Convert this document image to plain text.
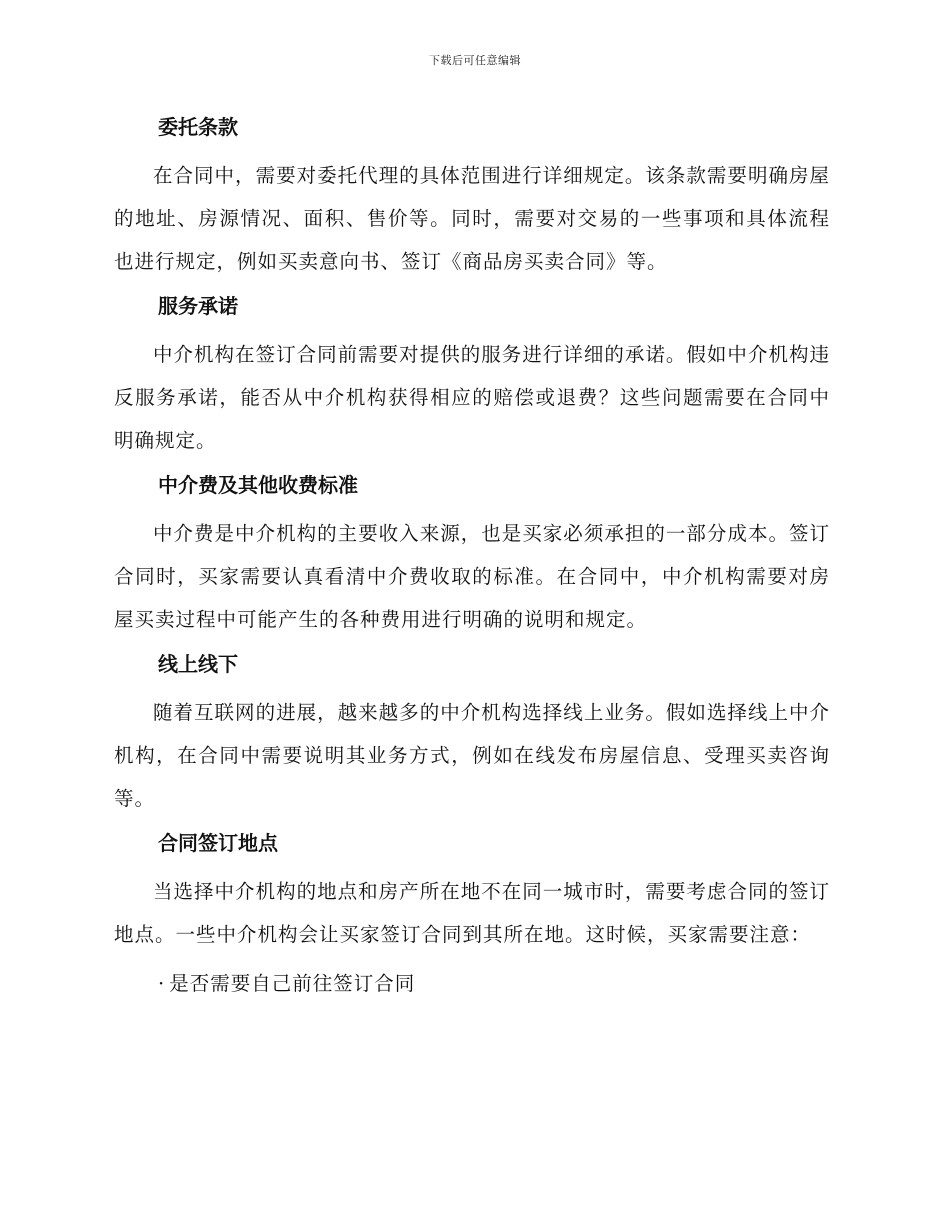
下载后可任意编辑
委托条款

在合同中，需要对委托代理的具体范围进行详细规定。该条款需要明确房屋的地址、房源情况、面积、售价等。同时，需要对交易的一些事项和具体流程也进行规定，例如买卖意向书、签订《商品房买卖合同》等。

服务承诺

中介机构在签订合同前需要对提供的服务进行详细的承诺。假如中介机构违反服务承诺，能否从中介机构获得相应的赔偿或退费？这些问题需要在合同中明确规定。

中介费及其他收费标准

中介费是中介机构的主要收入来源，也是买家必须承担的一部分成本。签订合同时，买家需要认真看清中介费收取的标准。在合同中，中介机构需要对房屋买卖过程中可能产生的各种费用进行明确的说明和规定。

线上线下

随着互联网的进展，越来越多的中介机构选择线上业务。假如选择线上中介机构，在合同中需要说明其业务方式，例如在线发布房屋信息、受理买卖咨询等。

合同签订地点

当选择中介机构的地点和房产所在地不在同一城市时，需要考虑合同的签订地点。一些中介机构会让买家签订合同到其所在地。这时候，买家需要注意：

· 是否需要自己前往签订合同
